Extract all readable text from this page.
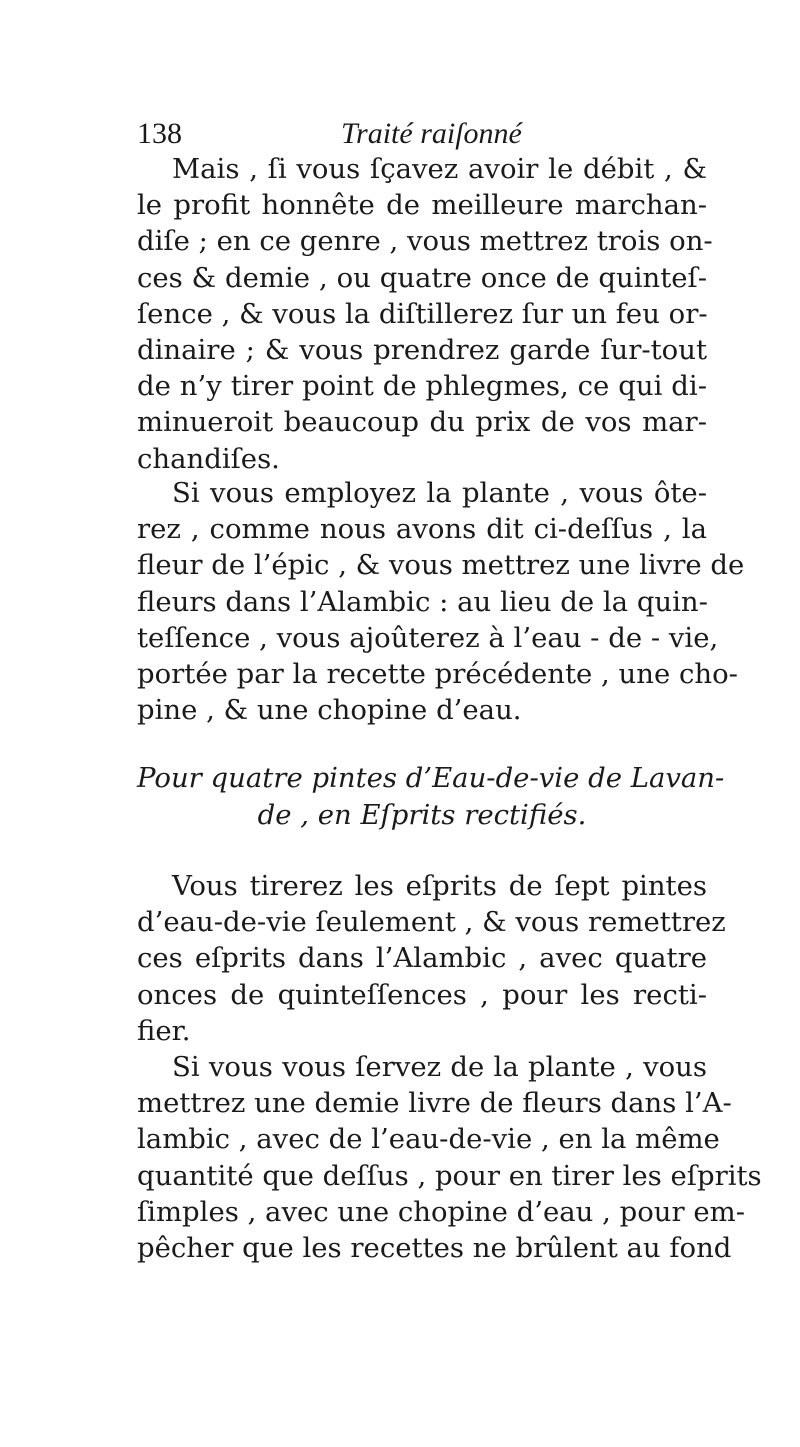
138	Traité raiſonné
Mais , ſi vous ſçavez avoir le débit , &
le profit honnête de meilleure marchan-
diſe ; en ce genre , vous mettrez trois on-
ces & demie , ou quatre once de quinteſ-
ſence , & vous la diſtillerez ſur un feu or-
dinaire ; & vous prendrez garde ſur-tout
de n’y tirer point de phlegmes, ce qui di-
minueroit beaucoup du prix de vos mar-
chandiſes.
Si vous employez la plante , vous ôte-
rez , comme nous avons dit ci-deſſus , la
fleur de l’épic , & vous mettrez une livre de
fleurs dans l’Alambic : au lieu de la quin-
teſſence , vous ajoûterez à l’eau - de - vie,
portée par la recette précédente , une cho-
pine , & une chopine d’eau.
Pour quatre pintes d’Eau-de-vie de Lavan-
de , en Eſprits rectifiés.
Vous tirerez les eſprits de ſept pintes
d’eau-de-vie ſeulement , & vous remettrez
ces eſprits dans l’Alambic , avec quatre
onces de quinteſſences , pour les recti-
fier.
Si vous vous ſervez de la plante , vous
mettrez une demie livre de fleurs dans l’A-
lambic , avec de l’eau-de-vie , en la même
quantité que deſſus , pour en tirer les eſprits
ſimples , avec une chopine d’eau , pour em-
pêcher que les recettes ne brûlent au fond
